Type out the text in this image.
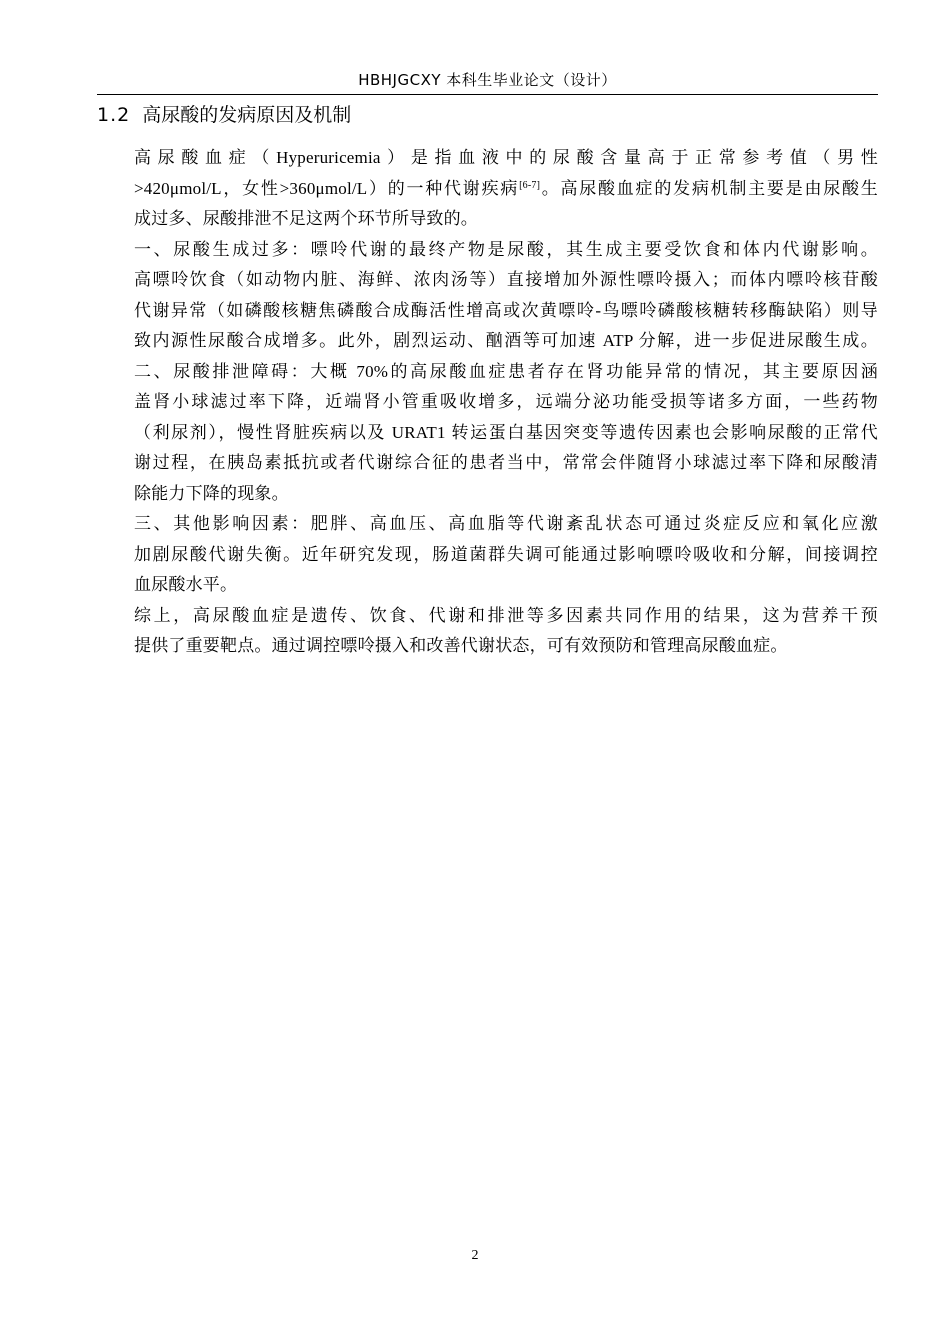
HBHJGCXY 本科生毕业论文（设计）
1.2 高尿酸的发病原因及机制

高尿酸血症（Hyperuricemia）是指血液中的尿酸含量高于正常参考值（男性
>420μmol/L，女性>360μmol/L）的一种代谢疾病[6-7]。高尿酸血症的发病机制主要是由尿酸生
成过多、尿酸排泄不足这两个环节所导致的。

一、尿酸生成过多：嘌呤代谢的最终产物是尿酸，其生成主要受饮食和体内代谢影响。
高嘌呤饮食（如动物内脏、海鲜、浓肉汤等）直接增加外源性嘌呤摄入；而体内嘌呤核苷酸
代谢异常（如磷酸核糖焦磷酸合成酶活性增高或次黄嘌呤-鸟嘌呤磷酸核糖转移酶缺陷）则导
致内源性尿酸合成增多。此外，剧烈运动、酗酒等可加速 ATP 分解，进一步促进尿酸生成。

二、尿酸排泄障碍：大概 70%的高尿酸血症患者存在肾功能异常的情况，其主要原因涵
盖肾小球滤过率下降，近端肾小管重吸收增多，远端分泌功能受损等诸多方面，一些药物
（利尿剂），慢性肾脏疾病以及 URAT1 转运蛋白基因突变等遗传因素也会影响尿酸的正常代
谢过程，在胰岛素抵抗或者代谢综合征的患者当中，常常会伴随肾小球滤过率下降和尿酸清
除能力下降的现象。

三、其他影响因素：肥胖、高血压、高血脂等代谢紊乱状态可通过炎症反应和氧化应激
加剧尿酸代谢失衡。近年研究发现，肠道菌群失调可能通过影响嘌呤吸收和分解，间接调控
血尿酸水平。

综上，高尿酸血症是遗传、饮食、代谢和排泄等多因素共同作用的结果，这为营养干预
提供了重要靶点。通过调控嘌呤摄入和改善代谢状态，可有效预防和管理高尿酸血症。

2
